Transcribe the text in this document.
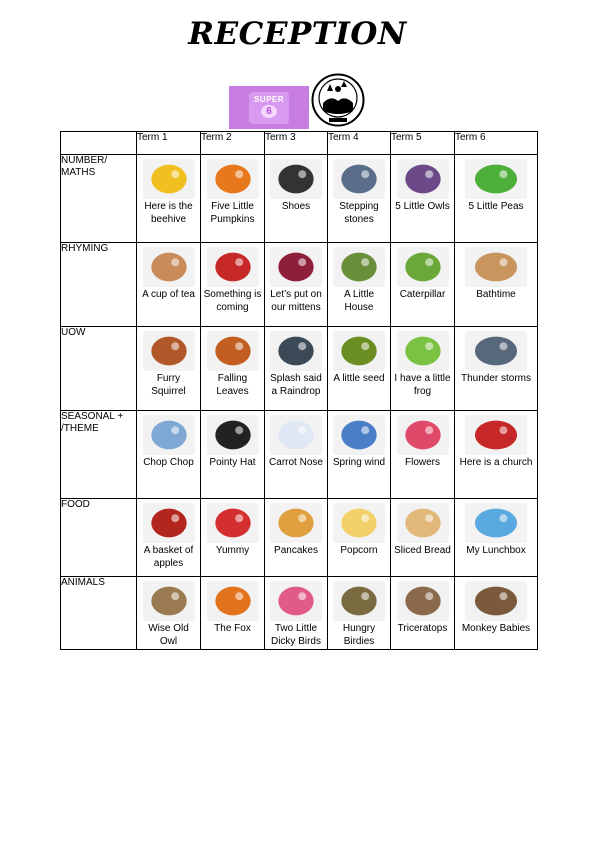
RECEPTION
SUPER
6
	Term 1	Term 2	Term 3	Term 4	Term 5	Term 6
NUMBER/ MATHS	Here is the beehive	Five Little Pumpkins	Shoes	Stepping stones	5 Little Owls	5 Little Peas

RHYMING	A cup of tea	Something is coming	Let’s put on our mittens	A Little House	Caterpillar	Bathtime

UOW	Furry Squirrel	Falling Leaves	Splash said a Raindrop	A little seed	I have a little frog	Thunder storms

SEASONAL + /THEME	Chop Chop	Pointy Hat	Carrot Nose	Spring wind	Flowers	Here is a church

FOOD	A basket of apples	Yummy	Pancakes	Popcorn	Sliced Bread	My Lunchbox

ANIMALS	Wise Old Owl	The Fox	Two Little Dicky Birds	Hungry Birdies	Triceratops	Monkey Babies
